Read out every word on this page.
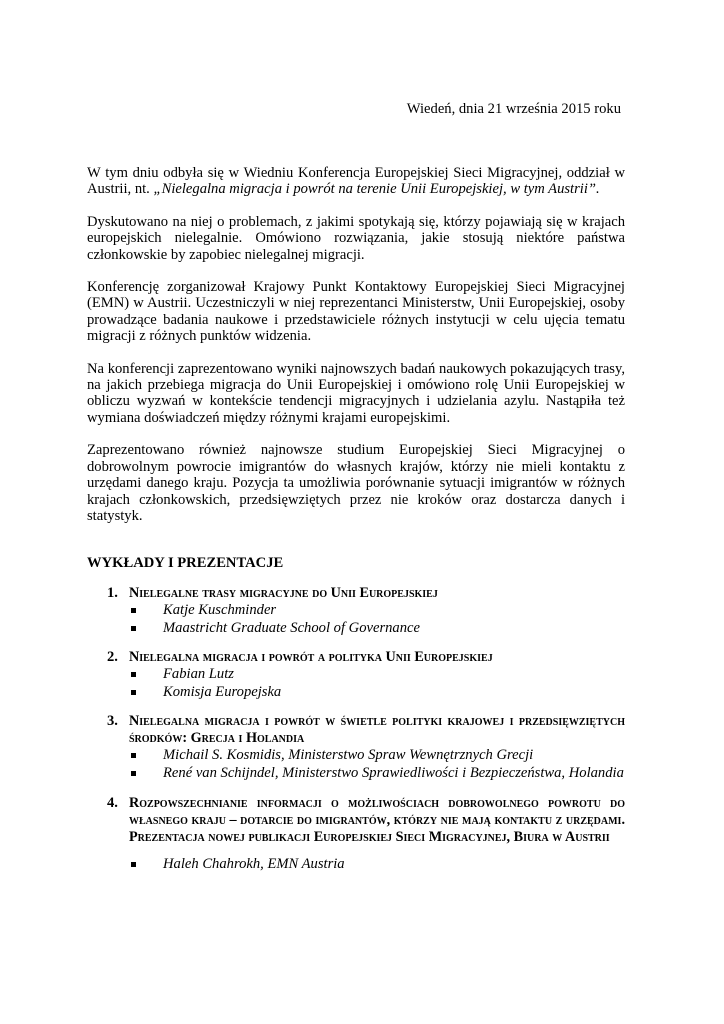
Wiedeń, dnia 21 września 2015 roku

W tym dniu odbyła się w Wiedniu Konferencja Europejskiej Sieci Migracyjnej, oddział w Austrii, nt. „Nielegalna migracja i powrót na terenie Unii Europejskiej, w tym Austrii”.

Dyskutowano na niej o problemach, z jakimi spotykają się, którzy pojawiają się w krajach europejskich nielegalnie. Omówiono rozwiązania, jakie stosują niektóre państwa członkowskie by zapobiec nielegalnej migracji.

Konferencję zorganizował Krajowy Punkt Kontaktowy Europejskiej Sieci Migracyjnej (EMN) w Austrii. Uczestniczyli w niej reprezentanci Ministerstw, Unii Europejskiej, osoby prowadzące badania naukowe i przedstawiciele różnych instytucji w celu ujęcia tematu migracji z różnych punktów widzenia.

Na konferencji zaprezentowano wyniki najnowszych badań naukowych pokazujących trasy, na jakich przebiega migracja do Unii Europejskiej i omówiono rolę Unii Europejskiej w obliczu wyzwań w kontekście tendencji migracyjnych i udzielania azylu. Nastąpiła też wymiana doświadczeń między różnymi krajami europejskimi.

Zaprezentowano również najnowsze studium Europejskiej Sieci Migracyjnej o dobrowolnym powrocie imigrantów do własnych krajów, którzy nie mieli kontaktu z urzędami danego kraju. Pozycja ta umożliwia porównanie sytuacji imigrantów w różnych krajach członkowskich, przedsięwziętych przez nie kroków oraz dostarcza danych i statystyk.

WYKŁADY I PREZENTACJE
1. Nielegalne trasy migracyjne do Unii Europejskiej
Katje Kuschminder
Maastricht Graduate School of Governance
2. Nielegalna migracja i powrót a polityka Unii Europejskiej
Fabian Lutz
Komisja Europejska
3. Nielegalna migracja i powrót w świetle polityki krajowej i przedsięwziętych środków: Grecja i Holandia
Michail S. Kosmidis, Ministerstwo Spraw Wewnętrznych Grecji
René van Schijndel, Ministerstwo Sprawiedliwości i Bezpieczeństwa, Holandia
4. Rozpowszechnianie informacji o możliwościach dobrowolnego powrotu do własnego kraju – dotarcie do imigrantów, którzy nie mają kontaktu z urzędami. Prezentacja nowej publikacji Europejskiej Sieci Migracyjnej, Biura w Austrii
Haleh Chahrokh, EMN Austria
